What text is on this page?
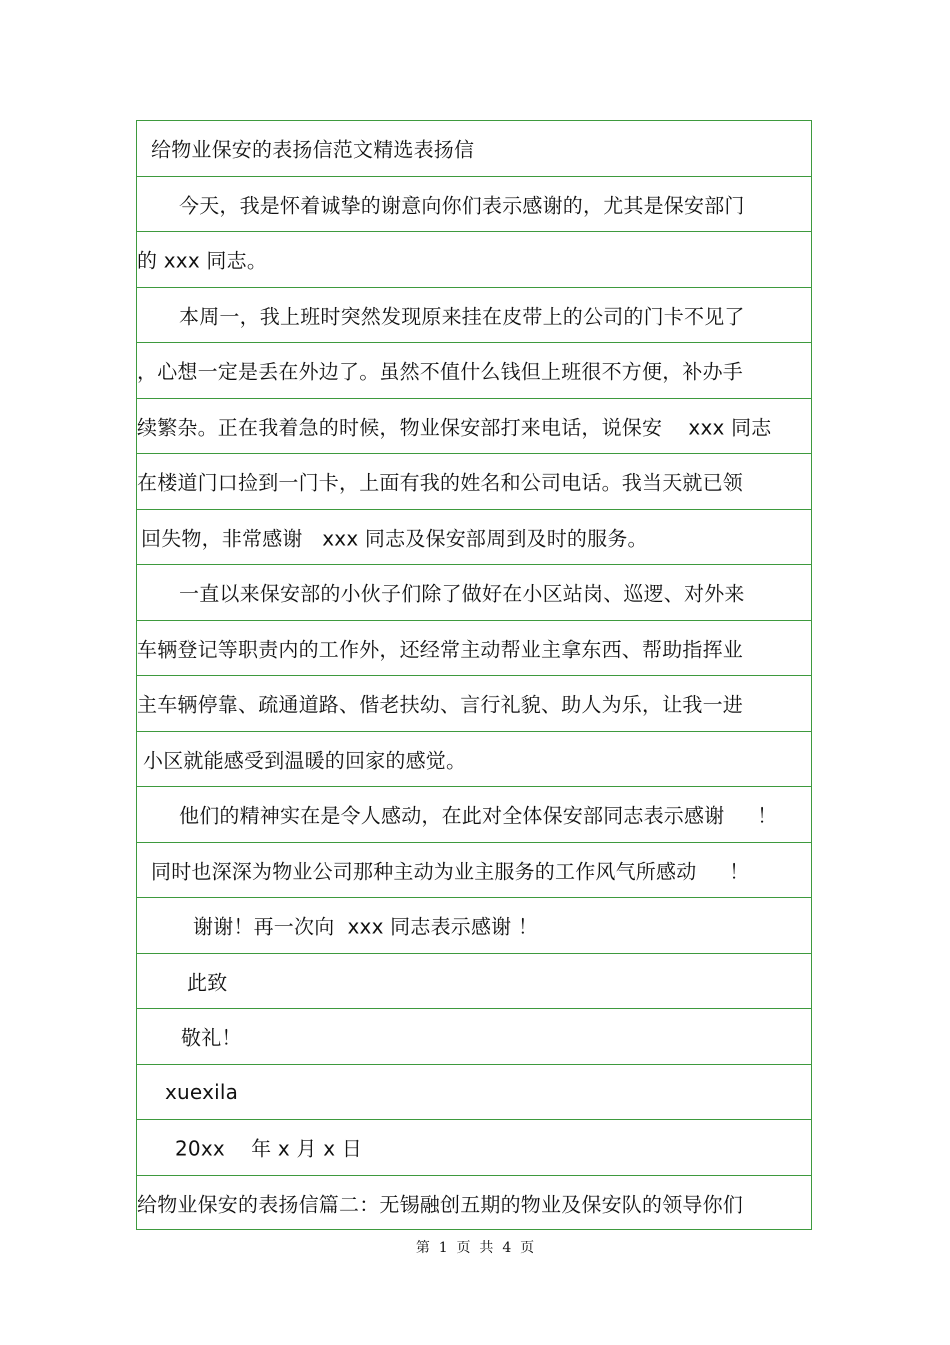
给物业保安的表扬信范文精选表扬信
今天，我是怀着诚挚的谢意向你们表示感谢的，尤其是保安部门
的 xxx 同志。
本周一，我上班时突然发现原来挂在皮带上的公司的门卡不见了
，心想一定是丢在外边了。虽然不值什么钱但上班很不方便，补办手
续繁杂。正在我着急的时候，物业保安部打来电话，说保安    xxx 同志
在楼道门口捡到一门卡，上面有我的姓名和公司电话。我当天就已领
回失物，非常感谢   xxx 同志及保安部周到及时的服务。
一直以来保安部的小伙子们除了做好在小区站岗、巡逻、对外来
车辆登记等职责内的工作外，还经常主动帮业主拿东西、帮助指挥业
主车辆停靠、疏通道路、偕老扶幼、言行礼貌、助人为乐，让我一进
小区就能感受到温暖的回家的感觉。
他们的精神实在是令人感动，在此对全体保安部同志表示感谢     ！
同时也深深为物业公司那种主动为业主服务的工作风气所感动     ！
谢谢！再一次向  xxx 同志表示感谢 ！
此致
敬礼！
xuexila
20xx    年 x 月 x 日
给物业保安的表扬信篇二：无锡融创五期的物业及保安队的领导你们
第  1  页  共  4  页
